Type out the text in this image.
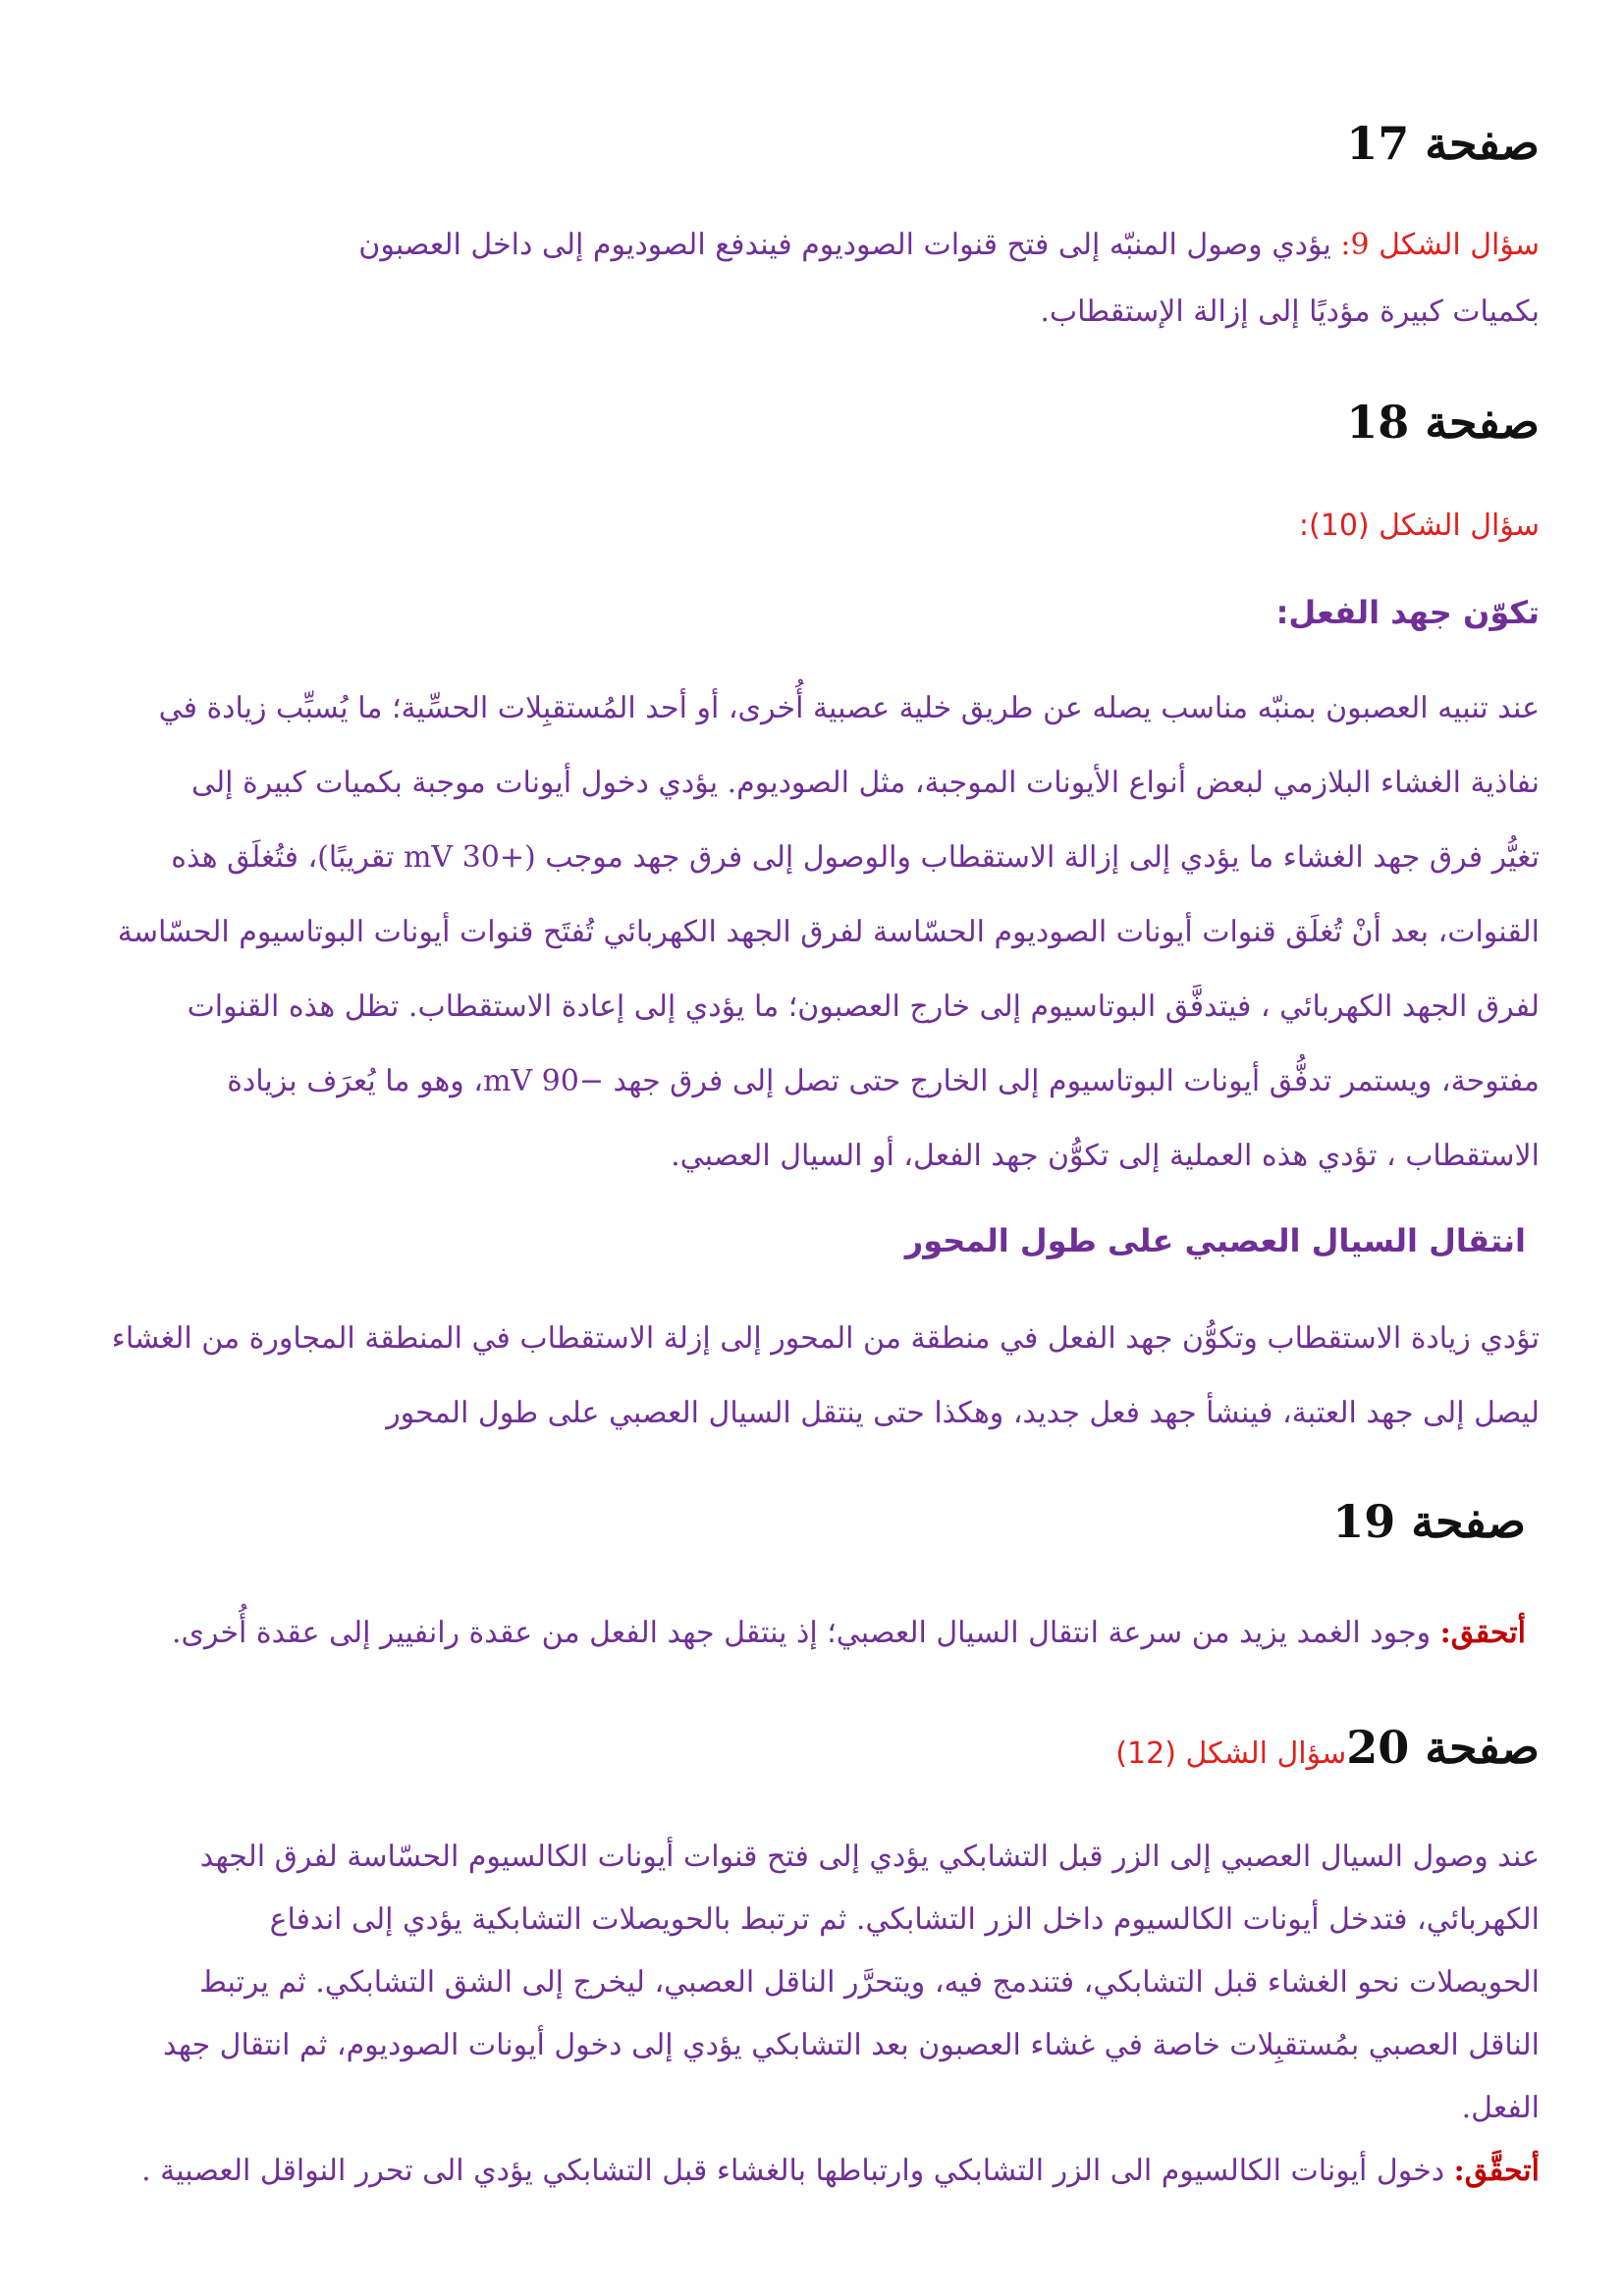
صفحة 17
سؤال الشكل 9: يؤدي وصول المنبّه إلى فتح قنوات الصوديوم فيندفع الصوديوم إلى داخل العصبون
بكميات كبيرة مؤديًا إلى إزالة الإستقطاب.
صفحة 18
سؤال الشكل (10):
تكوّن جهد الفعل:
عند تنبيه العصبون بمنبّه مناسب يصله عن طريق خلية عصبية أُخرى، أو أحد المُستقبِلات الحسِّية؛ ما يُسبِّب زيادة في
نفاذية الغشاء البلازمي لبعض أنواع الأيونات الموجبة، مثل الصوديوم. يؤدي دخول أيونات موجبة بكميات كبيرة إلى
تغيُّر فرق جهد الغشاء ما يؤدي إلى إزالة الاستقطاب والوصول إلى فرق جهد موجب (+30 mV تقريبًا)، فتُغلَق هذه
القنوات، بعد أنْ تُغلَق قنوات أيونات الصوديوم الحسّاسة لفرق الجهد الكهربائي تُفتَح قنوات أيونات البوتاسيوم الحسّاسة
لفرق الجهد الكهربائي ، فيتدفَّق البوتاسيوم إلى خارج العصبون؛ ما يؤدي إلى إعادة الاستقطاب. تظل هذه القنوات
مفتوحة، ويستمر تدفُّق أيونات البوتاسيوم إلى الخارج حتى تصل إلى فرق جهد −90 mV، وهو ما يُعرَف بزيادة
الاستقطاب ، تؤدي هذه العملية إلى تكوُّن جهد الفعل، أو السيال العصبي.
انتقال السيال العصبي على طول المحور
تؤدي زيادة الاستقطاب وتكوُّن جهد الفعل في منطقة من المحور إلى إزلة الاستقطاب في المنطقة المجاورة من الغشاء
ليصل إلى جهد العتبة، فينشأ جهد فعل جديد، وهكذا حتى ينتقل السيال العصبي على طول المحور
صفحة 19
أتحقق: وجود الغمد يزيد من سرعة انتقال السيال العصبي؛ إذ ينتقل جهد الفعل من عقدة رانفيير إلى عقدة أُخرى.
صفحة 20سؤال الشكل (12)
عند وصول السيال العصبي إلى الزر قبل التشابكي يؤدي إلى فتح قنوات أيونات الكالسيوم الحسّاسة لفرق الجهد
الكهربائي، فتدخل أيونات الكالسيوم داخل الزر التشابكي. ثم ترتبط بالحويصلات التشابكية يؤدي إلى اندفاع
الحويصلات نحو الغشاء قبل التشابكي، فتندمج فيه، ويتحرَّر الناقل العصبي، ليخرج إلى الشق التشابكي. ثم يرتبط
الناقل العصبي بمُستقبِلات خاصة في غشاء العصبون بعد التشابكي يؤدي إلى دخول أيونات الصوديوم، ثم انتقال جهد
الفعل.
أتحقَّق: دخول أيونات الكالسيوم الى الزر التشابكي وارتباطها بالغشاء قبل التشابكي يؤدي الى تحرر النواقل العصبية .
